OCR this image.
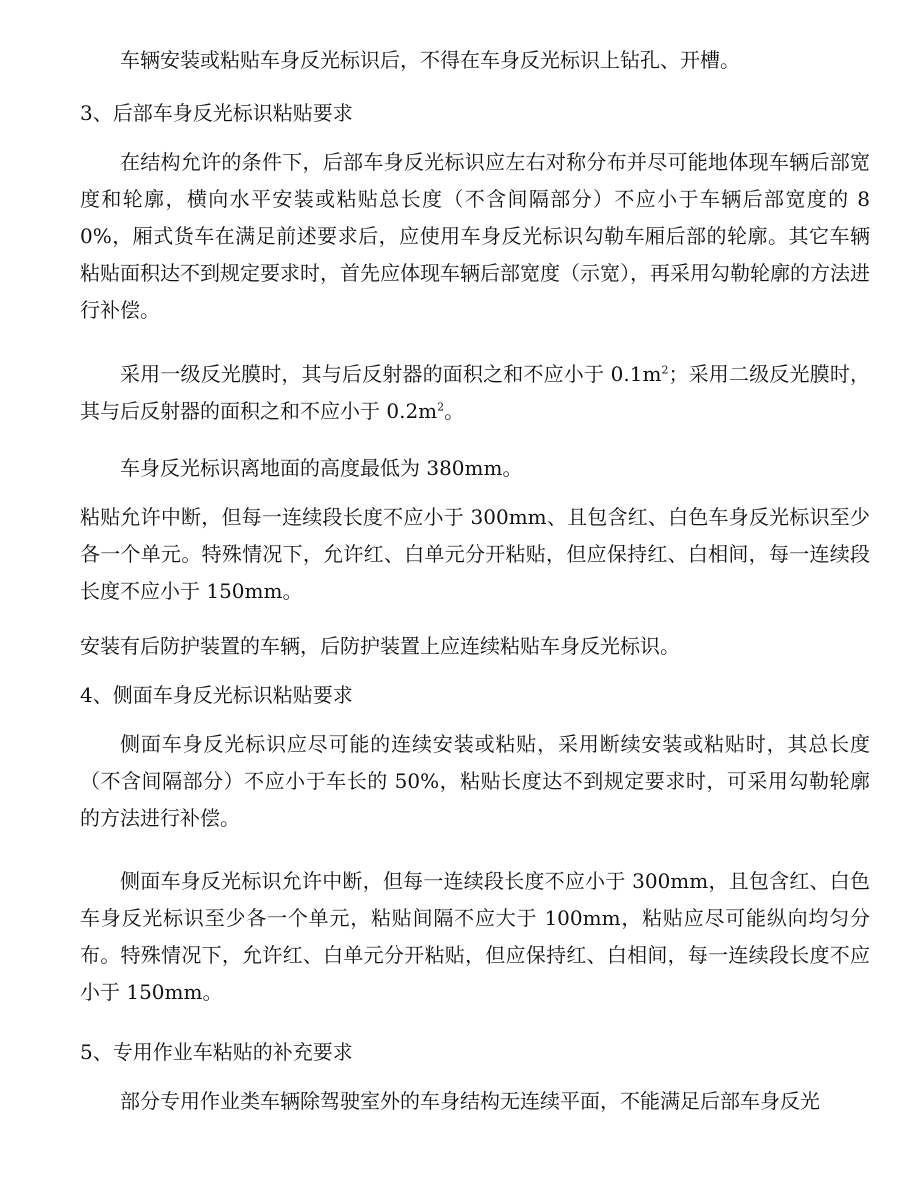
车辆安装或粘贴车身反光标识后，不得在车身反光标识上钻孔、开槽。

3、后部车身反光标识粘贴要求

在结构允许的条件下，后部车身反光标识应左右对称分布并尽可能地体现车辆后部宽度和轮廓，横向水平安装或粘贴总长度（不含间隔部分）不应小于车辆后部宽度的 80%，厢式货车在满足前述要求后，应使用车身反光标识勾勒车厢后部的轮廓。其它车辆粘贴面积达不到规定要求时，首先应体现车辆后部宽度（示宽），再采用勾勒轮廓的方法进行补偿。

采用一级反光膜时，其与后反射器的面积之和不应小于 $0.1m^2$；采用二级反光膜时，其与后反射器的面积之和不应小于 $0.2m^2$。

车身反光标识离地面的高度最低为 380mm。

粘贴允许中断，但每一连续段长度不应小于 300mm、且包含红、白色车身反光标识至少各一个单元。特殊情况下，允许红、白单元分开粘贴，但应保持红、白相间，每一连续段长度不应小于 150mm。

安装有后防护装置的车辆，后防护装置上应连续粘贴车身反光标识。

4、侧面车身反光标识粘贴要求

侧面车身反光标识应尽可能的连续安装或粘贴，采用断续安装或粘贴时，其总长度（不含间隔部分）不应小于车长的 50%，粘贴长度达不到规定要求时，可采用勾勒轮廓的方法进行补偿。

侧面车身反光标识允许中断，但每一连续段长度不应小于 300mm，且包含红、白色车身反光标识至少各一个单元，粘贴间隔不应大于 100mm，粘贴应尽可能纵向均匀分布。特殊情况下，允许红、白单元分开粘贴，但应保持红、白相间，每一连续段长度不应小于 150mm。

5、专用作业车粘贴的补充要求

部分专用作业类车辆除驾驶室外的车身结构无连续平面，不能满足后部车身反光
